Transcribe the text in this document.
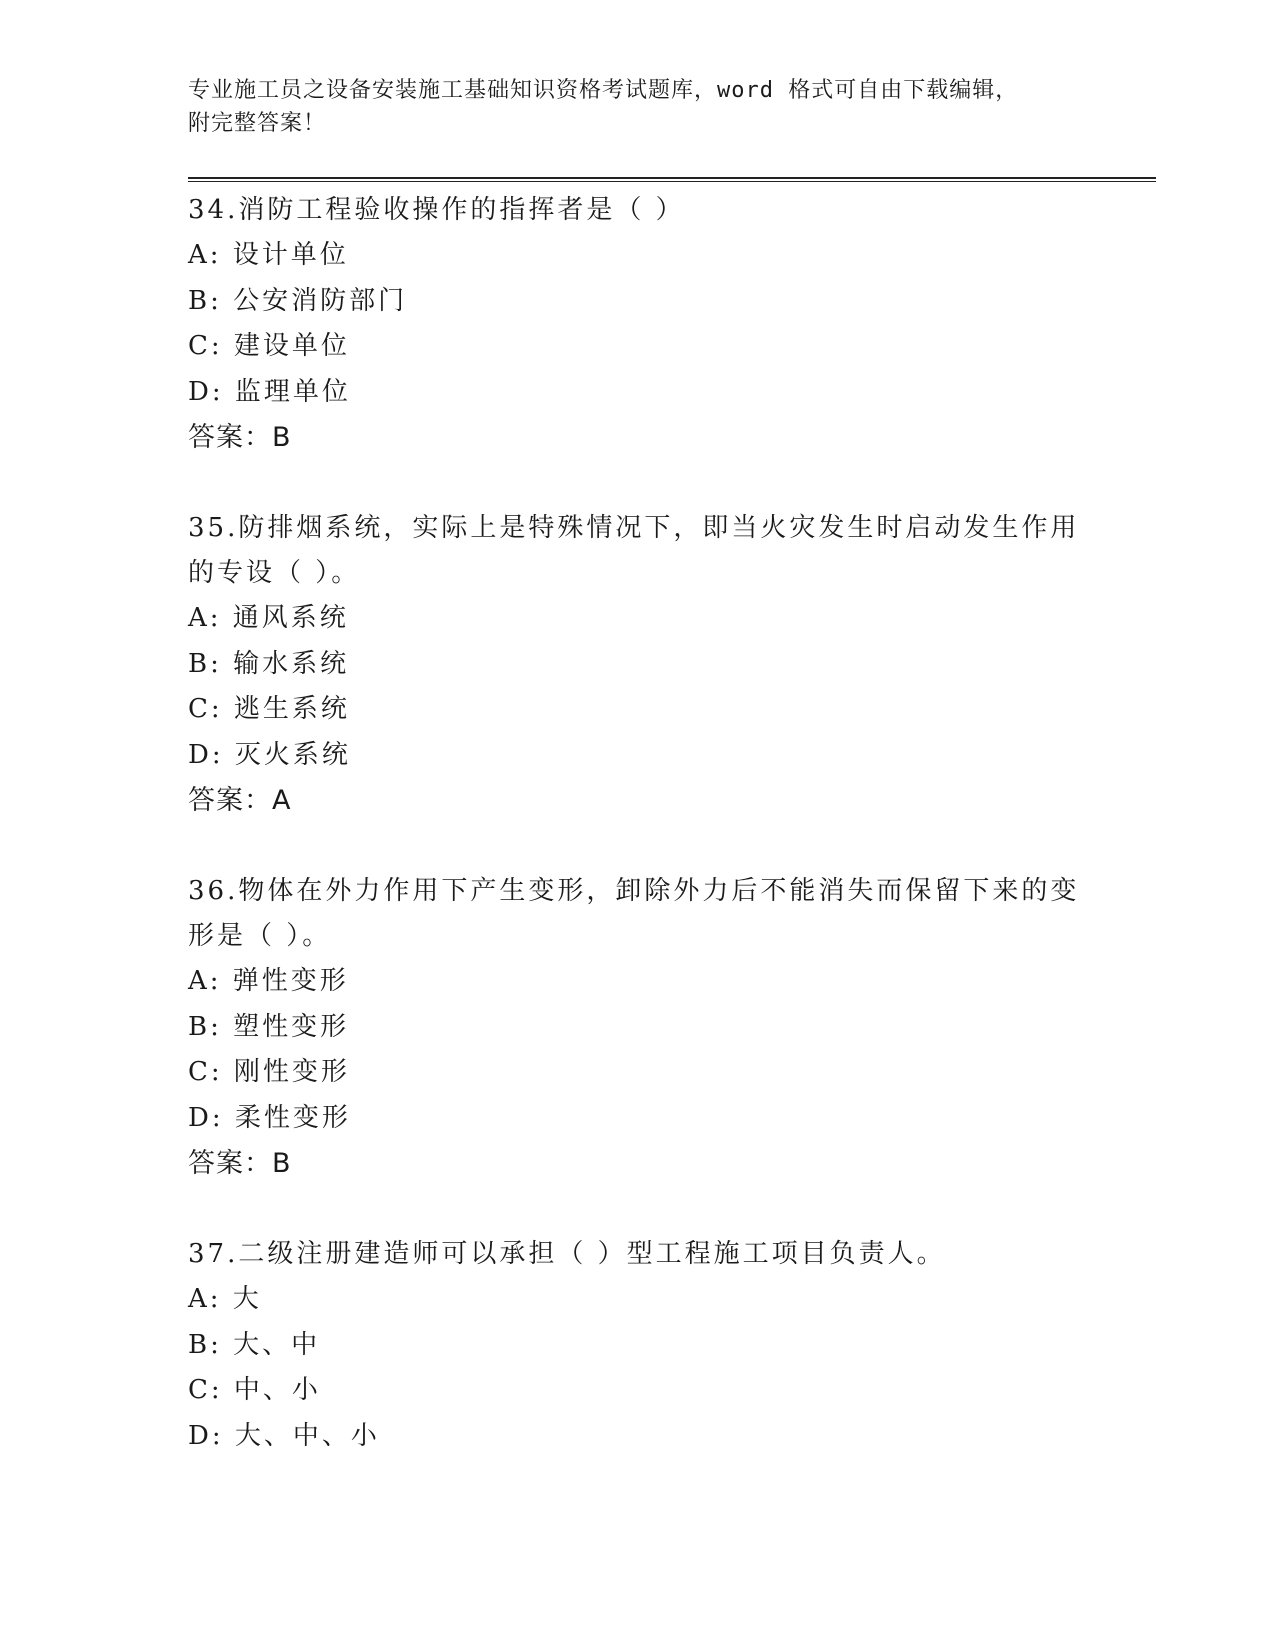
专业施工员之设备安装施工基础知识资格考试题库，word 格式可自由下载编辑，
附完整答案！
34.消防工程验收操作的指挥者是（ ）
A: 设计单位
B: 公安消防部门
C: 建设单位
D: 监理单位
答案：B
35.防排烟系统，实际上是特殊情况下，即当火灾发生时启动发生作用
的专设（ ）。
A: 通风系统
B: 输水系统
C: 逃生系统
D: 灭火系统
答案：A
36.物体在外力作用下产生变形，卸除外力后不能消失而保留下来的变
形是（ ）。
A: 弹性变形
B: 塑性变形
C: 刚性变形
D: 柔性变形
答案：B
37.二级注册建造师可以承担（ ）型工程施工项目负责人。
A: 大
B: 大、中
C: 中、小
D: 大、中、小
